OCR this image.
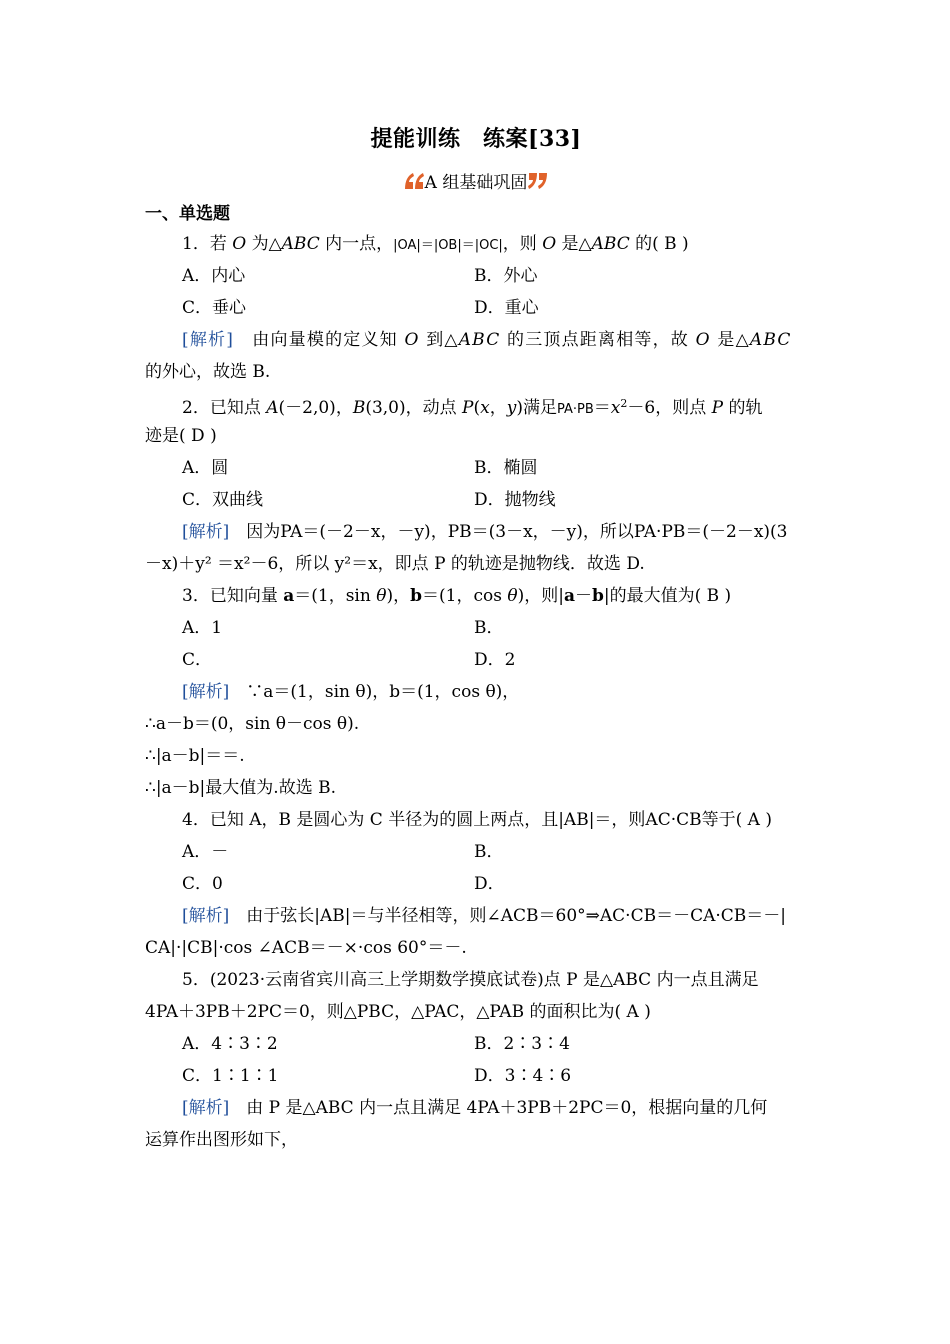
提能训练　练案[33]
A 组基础巩固
一、单选题
1．若 O 为△ABC 内一点，|OA|＝|OB|＝|OC|，则 O 是△ABC 的( B )
A．内心	B．外心
C．垂心	D．重心
[解析]　由向量模的定义知 O 到△ABC 的三顶点距离相等，故 O 是△ABC
的外心，故选 B.
2．已知点 A(－2,0)，B(3,0)，动点 P(x，y)满足$PA\cdot PB=x^2-6$，则点 P 的轨
迹是( D )
A．圆	B．椭圆
C．双曲线	D．抛物线
[解析]　因为PA＝(－2－x，－y)，PB＝(3－x，－y)，所以PA·PB＝(－2－x)(3
－x)＋y² ＝x²－6，所以 y²＝x，即点 P 的轨迹是抛物线．故选 D.
3．已知向量 a＝(1，sin θ)，b＝(1，cos θ)，则|a－b|的最大值为( B )
A．1	B．
C．	D．2
[解析]　∵a＝(1，sin θ)，b＝(1，cos θ)，
∴a－b＝(0，sin θ－cos θ).
∴|a－b|＝＝.
∴|a－b|最大值为.故选 B.
4．已知 A，B 是圆心为 C 半径为的圆上两点，且|AB|＝，则AC·CB等于( A )
A．－	B．
C．0	D．
[解析]　由于弦长|AB|＝与半径相等，则∠ACB＝60°⇒AC·CB＝－CA·CB＝－|
CA|·|CB|·cos ∠ACB＝－×·cos 60°＝－.
5．(2023·云南省宾川高三上学期数学摸底试卷)点 P 是△ABC 内一点且满足
4PA＋3PB＋2PC＝0，则△PBC，△PAC，△PAB 的面积比为( A )
A．4∶3∶2	B．2∶3∶4
C．1∶1∶1	D．3∶4∶6
[解析]　由 P 是△ABC 内一点且满足 4PA＋3PB＋2PC＝0，根据向量的几何
运算作出图形如下，
